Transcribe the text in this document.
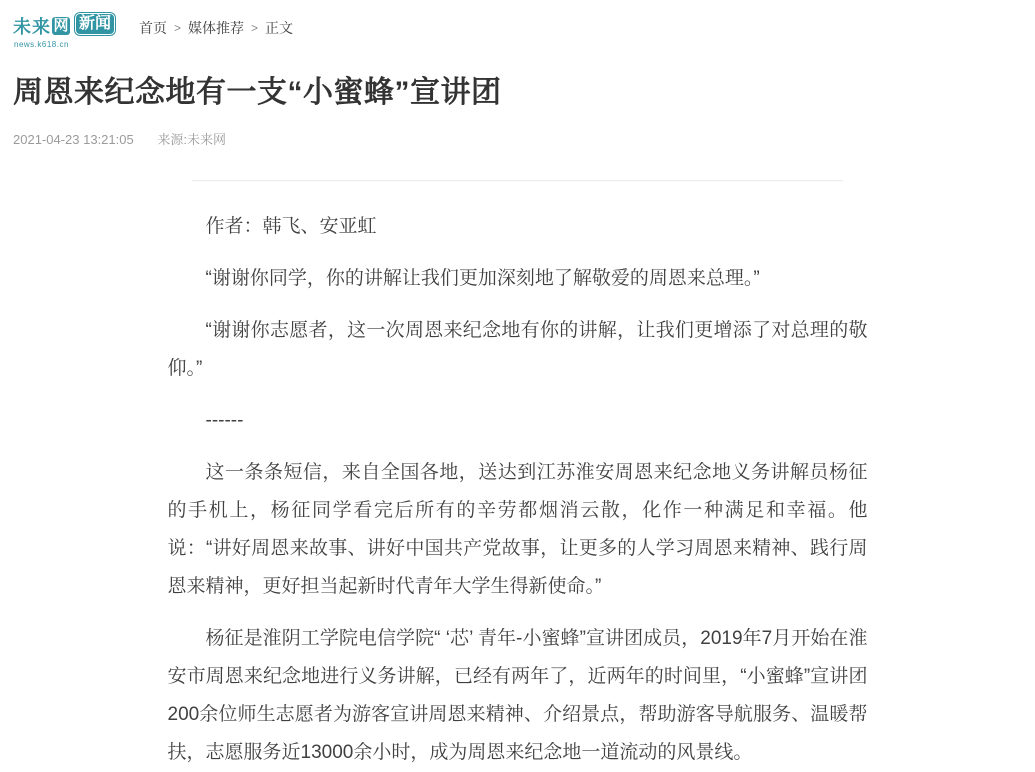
未来 网
news.k618.cn
新闻 首页 > 媒体推荐 > 正文
周恩来纪念地有一支“小蜜蜂”宣讲团
2021-04-23 13:21:05 来源:未来网

作者：韩飞、安亚虹

“谢谢你同学，你的讲解让我们更加深刻地了解敬爱的周恩来总理。”

“谢谢你志愿者，这一次周恩来纪念地有你的讲解，让我们更增添了对总理的敬仰。”

------

这一条条短信，来自全国各地，送达到江苏淮安周恩来纪念地义务讲解员杨征的手机上，杨征同学看完后所有的辛劳都烟消云散，化作一种满足和幸福。他说：“讲好周恩来故事、讲好中国共产党故事，让更多的人学习周恩来精神、践行周恩来精神，更好担当起新时代青年大学生得新使命。”

杨征是淮阴工学院电信学院“ ‘芯’ 青年-小蜜蜂”宣讲团成员，2019年7月开始在淮安市周恩来纪念地进行义务讲解，已经有两年了，近两年的时间里，“小蜜蜂”宣讲团200余位师生志愿者为游客宣讲周恩来精神、介绍景点，帮助游客导航服务、温暖帮扶，志愿服务近13000余小时，成为周恩来纪念地一道流动的风景线。
